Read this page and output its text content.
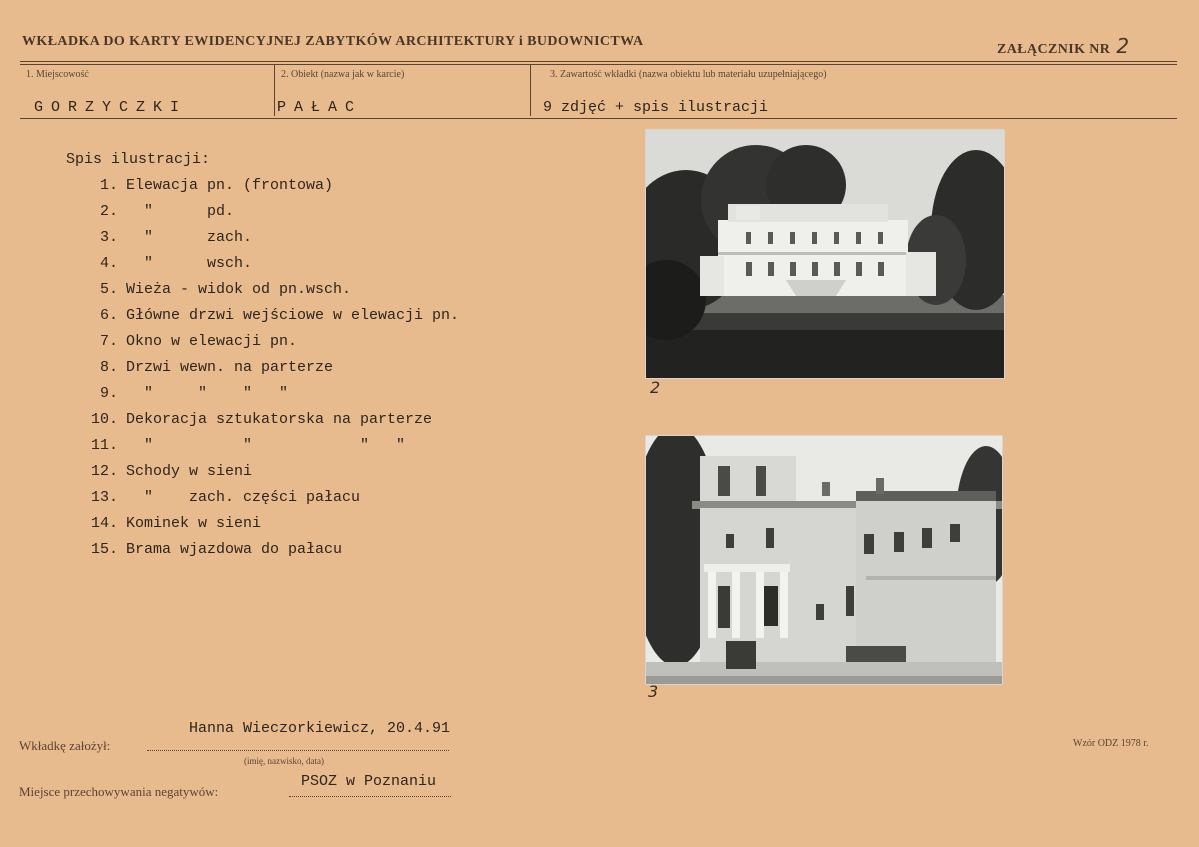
WKŁADKA DO KARTY EWIDENCYJNEJ ZABYTKÓW ARCHITEKTURY i BUDOWNICTWA
ZAŁĄCZNIK NR 2
1. Miejscowość	2. Obiekt (nazwa jak w karcie)	3. Zawartość wkładki (nazwa obiektu lub materiału uzupełniającego)
GORZYCZKI	PAŁAC	9 zdjęć + spis ilustracji
Spis ilustracji:
1. Elewacja pn. (frontowa)
2.  "      pd.
3.  "      zach.
4.  "      wsch.
5. Wieża - widok od pn.wsch.
6. Główne drzwi wejściowe w elewacji pn.
7. Okno w elewacji pn.
8. Drzwi wewn. na parterze
9.  "     "    "   "
10. Dekoracja sztukatorska na parterze
11.  "          "            "   "
12. Schody w sieni
13.  "    zach. części pałacu
14. Kominek w sieni
15. Brama wjazdowa do pałacu
2
3
Hanna Wieczorkiewicz, 20.4.91
Wkładkę założył:
(imię, nazwisko, data)
PSOZ w Poznaniu
Miejsce przechowywania negatywów:
Wzór ODZ 1978 r.
